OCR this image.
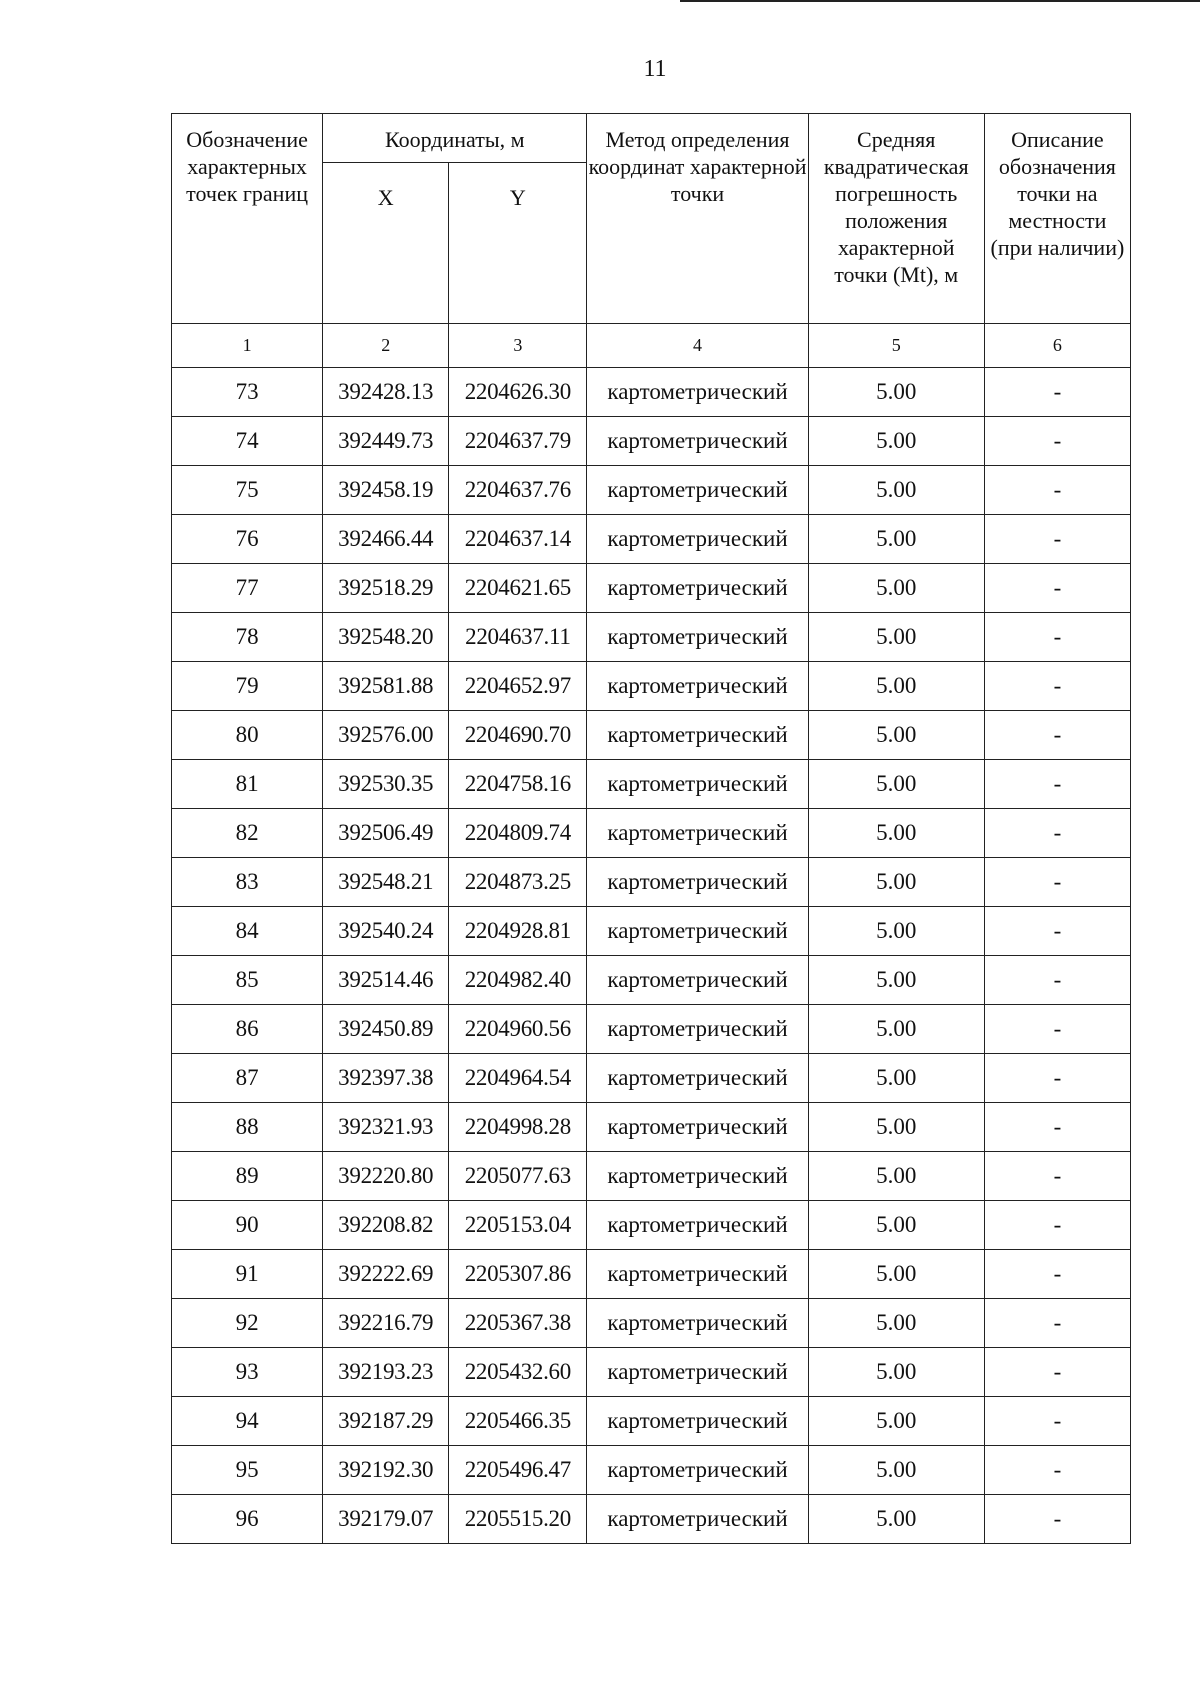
11
Обозначение характерных точек границ	Координаты, м		Метод определения координат характерной точки	Средняя квадратическая погрешность положения характерной точки (Mt), м	Описание обозначения точки на местности (при наличии)
	X	Y			
1	2	3	4	5	6
73	392428.13	2204626.30	картометрический	5.00	-
74	392449.73	2204637.79	картометрический	5.00	-
75	392458.19	2204637.76	картометрический	5.00	-
76	392466.44	2204637.14	картометрический	5.00	-
77	392518.29	2204621.65	картометрический	5.00	-
78	392548.20	2204637.11	картометрический	5.00	-
79	392581.88	2204652.97	картометрический	5.00	-
80	392576.00	2204690.70	картометрический	5.00	-
81	392530.35	2204758.16	картометрический	5.00	-
82	392506.49	2204809.74	картометрический	5.00	-
83	392548.21	2204873.25	картометрический	5.00	-
84	392540.24	2204928.81	картометрический	5.00	-
85	392514.46	2204982.40	картометрический	5.00	-
86	392450.89	2204960.56	картометрический	5.00	-
87	392397.38	2204964.54	картометрический	5.00	-
88	392321.93	2204998.28	картометрический	5.00	-
89	392220.80	2205077.63	картометрический	5.00	-
90	392208.82	2205153.04	картометрический	5.00	-
91	392222.69	2205307.86	картометрический	5.00	-
92	392216.79	2205367.38	картометрический	5.00	-
93	392193.23	2205432.60	картометрический	5.00	-
94	392187.29	2205466.35	картометрический	5.00	-
95	392192.30	2205496.47	картометрический	5.00	-
96	392179.07	2205515.20	картометрический	5.00	-
